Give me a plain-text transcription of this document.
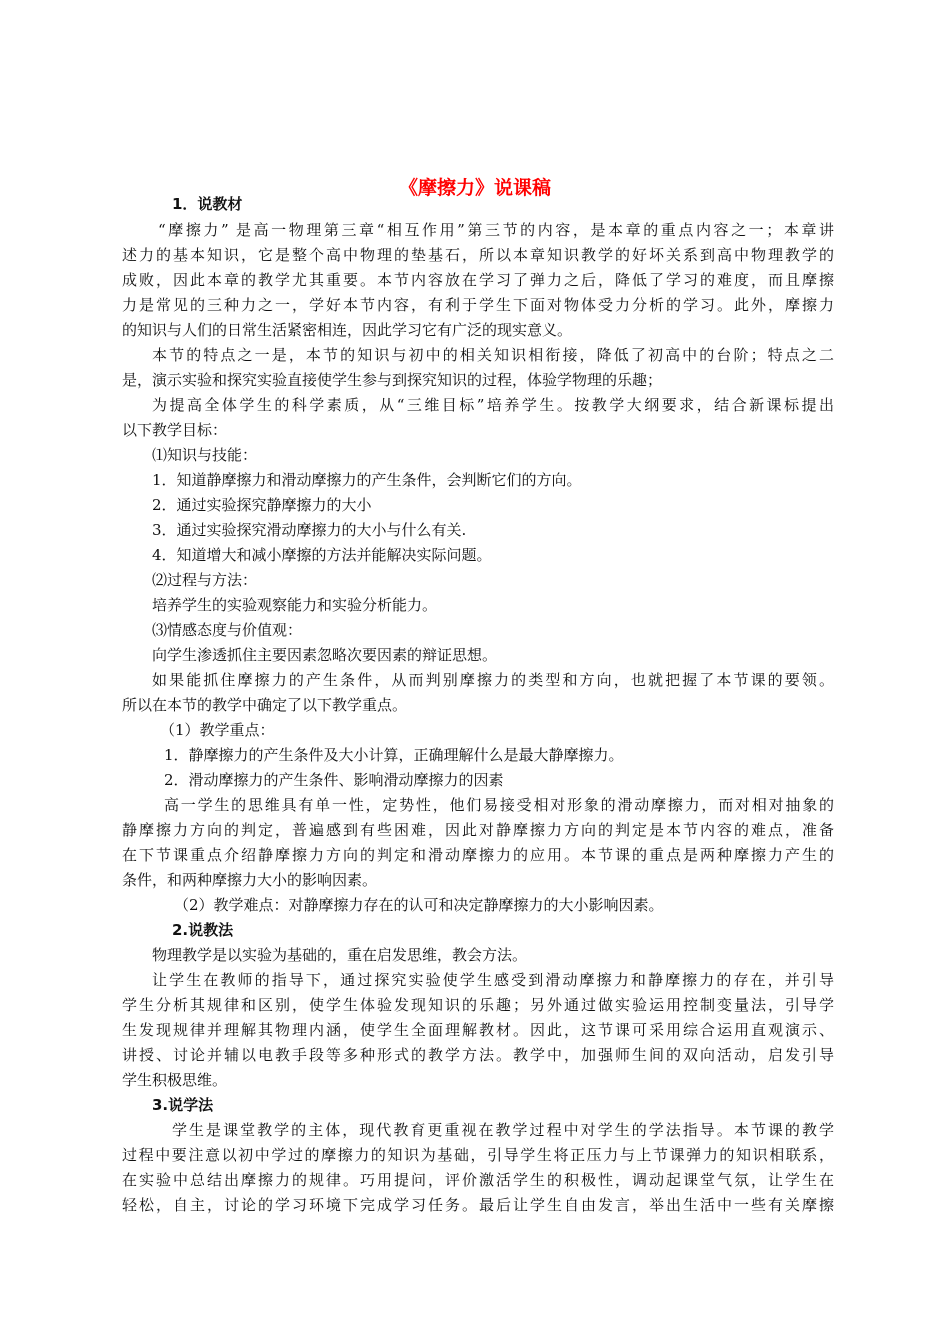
《摩擦力》说课稿
1．说教材
“摩擦力” 是高一物理第三章“相互作用”第三节的内容，是本章的重点内容之一；本章讲
述力的基本知识，它是整个高中物理的垫基石，所以本章知识教学的好坏关系到高中物理教学的
成败，因此本章的教学尤其重要。本节内容放在学习了弹力之后，降低了学习的难度，而且摩擦
力是常见的三种力之一，学好本节内容，有利于学生下面对物体受力分析的学习。此外，摩擦力
的知识与人们的日常生活紧密相连，因此学习它有广泛的现实意义。
本节的特点之一是，本节的知识与初中的相关知识相衔接，降低了初高中的台阶；特点之二
是，演示实验和探究实验直接使学生参与到探究知识的过程，体验学物理的乐趣；
为提高全体学生的科学素质，从“三维目标”培养学生。按教学大纲要求，结合新课标提出
以下教学目标：
⑴知识与技能：
1．知道静摩擦力和滑动摩擦力的产生条件，会判断它们的方向。
2．通过实验探究静摩擦力的大小
3．通过实验探究滑动摩擦力的大小与什么有关.
4．知道增大和减小摩擦的方法并能解决实际问题。
⑵过程与方法：
培养学生的实验观察能力和实验分析能力。
⑶情感态度与价值观：
向学生渗透抓住主要因素忽略次要因素的辩证思想。
如果能抓住摩擦力的产生条件，从而判别摩擦力的类型和方向，也就把握了本节课的要领。
所以在本节的教学中确定了以下教学重点。
（1）教学重点：
1．静摩擦力的产生条件及大小计算，正确理解什么是最大静摩擦力。
2．滑动摩擦力的产生条件、影响滑动摩擦力的因素
高一学生的思维具有单一性，定势性，他们易接受相对形象的滑动摩擦力，而对相对抽象的
静摩擦力方向的判定，普遍感到有些困难，因此对静摩擦力方向的判定是本节内容的难点，准备
在下节课重点介绍静摩擦力方向的判定和滑动摩擦力的应用。本节课的重点是两种摩擦力产生的
条件，和两种摩擦力大小的影响因素。
（2）教学难点：对静摩擦力存在的认可和决定静摩擦力的大小影响因素。
2.说教法
物理教学是以实验为基础的，重在启发思维，教会方法。
让学生在教师的指导下，通过探究实验使学生感受到滑动摩擦力和静摩擦力的存在，并引导
学生分析其规律和区别，使学生体验发现知识的乐趣；另外通过做实验运用控制变量法，引导学
生发现规律并理解其物理内涵，使学生全面理解教材。因此，这节课可采用综合运用直观演示、
讲授、讨论并辅以电教手段等多种形式的教学方法。教学中，加强师生间的双向活动，启发引导
学生积极思维。
3.说学法
学生是课堂教学的主体，现代教育更重视在教学过程中对学生的学法指导。本节课的教学
过程中要注意以初中学过的摩擦力的知识为基础，引导学生将正压力与上节课弹力的知识相联系，
在实验中总结出摩擦力的规律。巧用提问，评价激活学生的积极性，调动起课堂气氛，让学生在
轻松，自主，讨论的学习环境下完成学习任务。最后让学生自由发言，举出生活中一些有关摩擦
